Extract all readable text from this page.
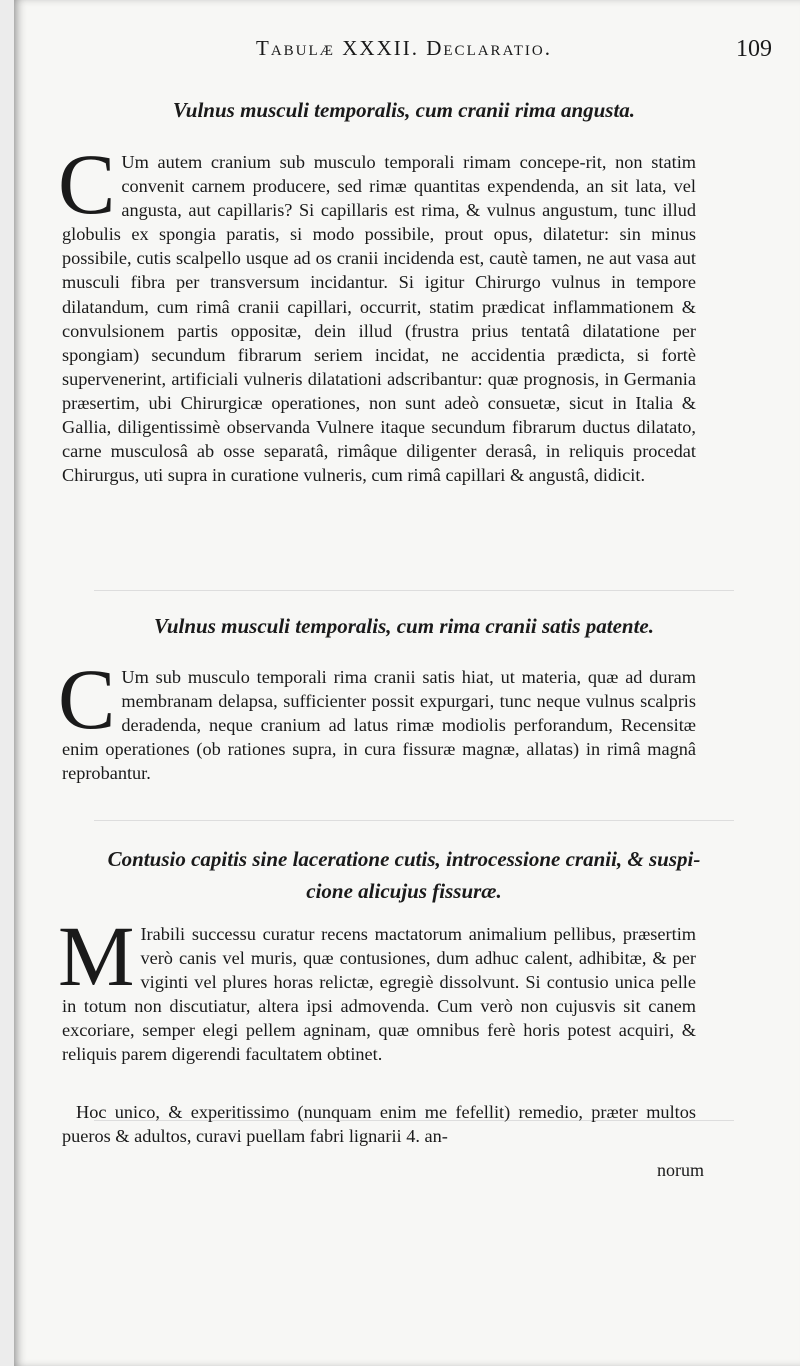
Tabulæ XXXII. Declaratio.	109
Vulnus musculi temporalis, cum cranii rima angusta.
C Um autem cranium sub musculo temporali rimam concepe-rit, non statim convenit carnem producere, sed rimæ quantitas expendenda, an sit lata, vel angusta, aut capillaris? Si capillaris est rima, & vulnus angustum, tunc illud globulis ex spongia paratis, si modo possibile, prout opus, dilatetur: sin minus possibile, cutis scalpello usque ad os cranii incidenda est, cautè tamen, ne aut vasa aut musculi fibra per transversum incidantur. Si igitur Chirurgo vulnus in tempore dilatandum, cum rimâ cranii capillari, occurrit, statim prædicat inflammationem & convulsionem partis oppositæ, dein illud (frustra prius tentatâ dilatatione per spongiam) secundum fibrarum seriem incidat, ne accidentia prædicta, si fortè supervenerint, artificiali vulneris dilatationi adscribantur: quæ prognosis, in Germania præsertim, ubi Chirurgicæ operationes, non sunt adeò consuetæ, sicut in Italia & Gallia, diligentissimè observanda Vulnere itaque secundum fibrarum ductus dilatato, carne musculosâ ab osse separatâ, rimâque diligenter derasâ, in reliquis procedat Chirurgus, uti supra in curatione vulneris, cum rimâ capillari & angustâ, didicit.
Vulnus musculi temporalis, cum rima cranii satis patente.
C Um sub musculo temporali rima cranii satis hiat, ut materia, quæ ad duram membranam delapsa, sufficienter possit expurgari, tunc neque vulnus scalpris deradenda, neque cranium ad latus rimæ modiolis perforandum, Recensitæ enim operationes (ob rationes supra, in cura fissuræ magnæ, allatas) in rimâ magnâ reprobantur.
Contusio capitis sine laceratione cutis, introcessione cranii, & suspi-
cione alicujus fissuræ.
M Irabili successu curatur recens mactatorum animalium pellibus, præsertim verò canis vel muris, quæ contusiones, dum adhuc calent, adhibitæ, & per viginti vel plures horas relictæ, egregiè dissolvunt. Si contusio unica pelle in totum non discutiatur, altera ipsi admovenda. Cum verò non cujusvis sit canem excoriare, semper elegi pellem agninam, quæ omnibus ferè horis potest acquiri, & reliquis parem digerendi facultatem obtinet.
Hoc unico, & experitissimo (nunquam enim me fefellit) remedio, præter multos pueros & adultos, curavi puellam fabri lignarii 4. an-
norum
